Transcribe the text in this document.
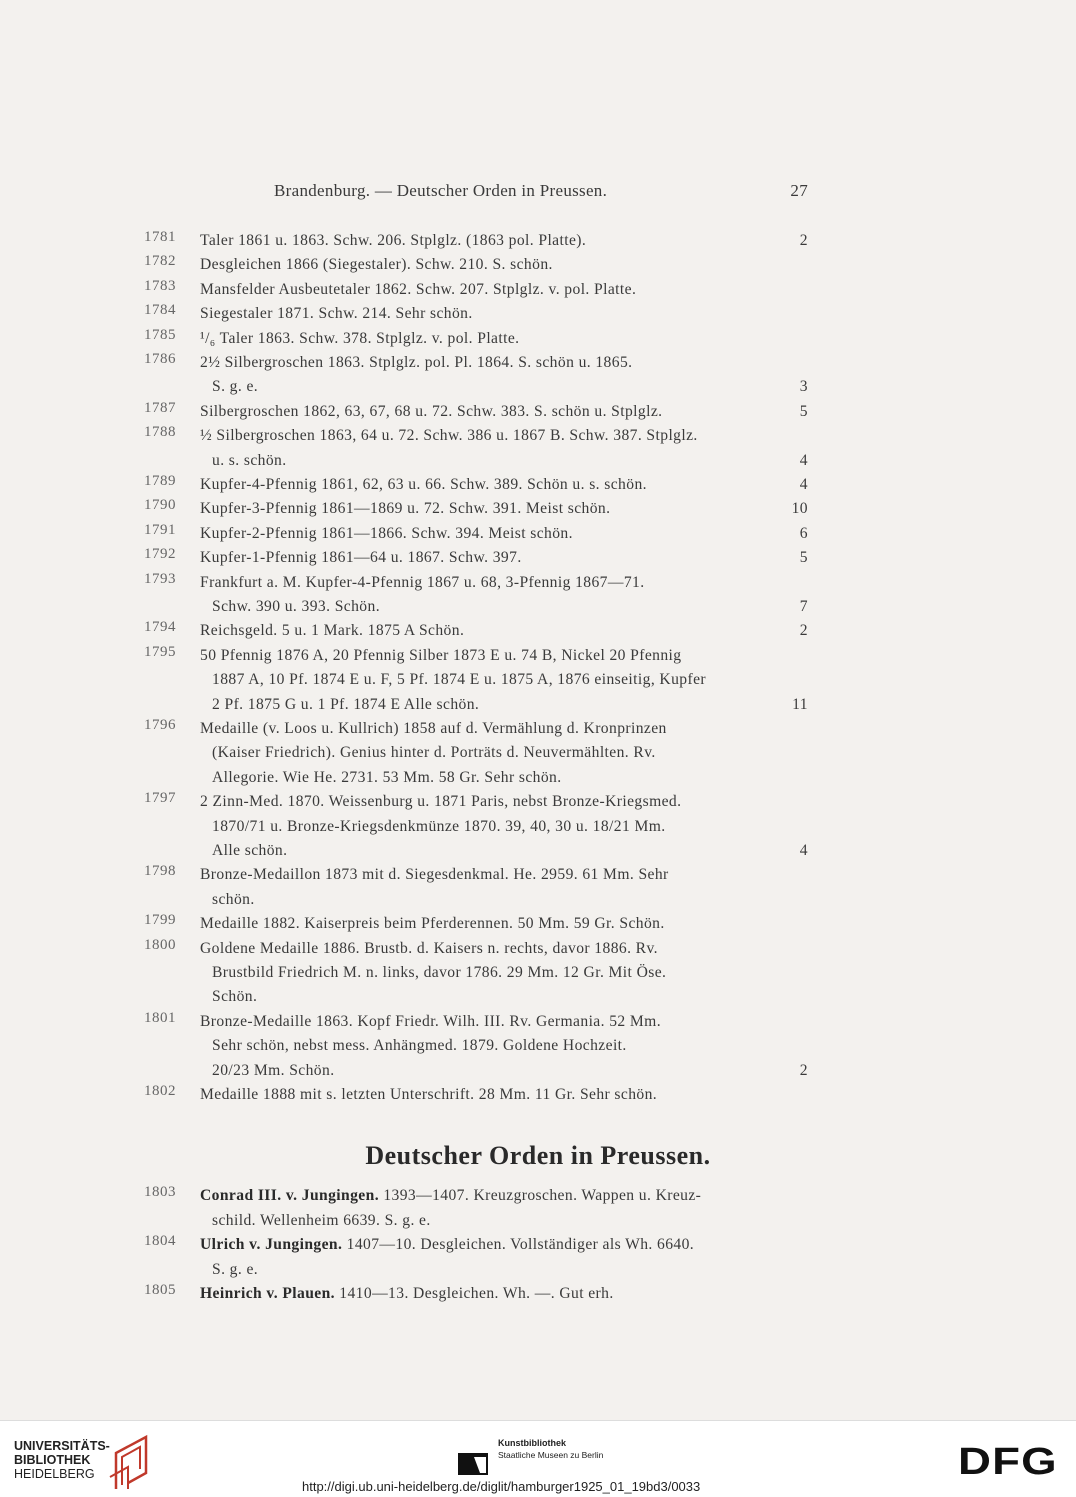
Brandenburg. — Deutscher Orden in Preussen.	27
1781	Taler 1861 u. 1863. Schw. 206. Stplglz. (1863 pol. Platte).	2
1782	Desgleichen 1866 (Siegestaler). Schw. 210. S. schön.
1783	Mansfelder Ausbeutetaler 1862. Schw. 207. Stplglz. v. pol. Platte.
1784	Siegestaler 1871. Schw. 214. Sehr schön.
1785	¹/₆ Taler 1863. Schw. 378. Stplglz. v. pol. Platte.
1786	2½ Silbergroschen 1863. Stplglz. pol. Pl. 1864. S. schön u. 1865.
S. g. e.	3
1787	Silbergroschen 1862, 63, 67, 68 u. 72. Schw. 383. S. schön u. Stplglz.	5
1788	½ Silbergroschen 1863, 64 u. 72. Schw. 386 u. 1867 B. Schw. 387. Stplglz.
u. s. schön.	4
1789	Kupfer-4-Pfennig 1861, 62, 63 u. 66. Schw. 389. Schön u. s. schön.	4
1790	Kupfer-3-Pfennig 1861—1869 u. 72. Schw. 391. Meist schön.	10
1791	Kupfer-2-Pfennig 1861—1866. Schw. 394. Meist schön.	6
1792	Kupfer-1-Pfennig 1861—64 u. 1867. Schw. 397.	5
1793	Frankfurt a. M. Kupfer-4-Pfennig 1867 u. 68, 3-Pfennig 1867—71.
Schw. 390 u. 393. Schön.	7
1794	Reichsgeld. 5 u. 1 Mark. 1875 A Schön.	2
1795	50 Pfennig 1876 A, 20 Pfennig Silber 1873 E u. 74 B, Nickel 20 Pfennig
1887 A, 10 Pf. 1874 E u. F, 5 Pf. 1874 E u. 1875 A, 1876 einseitig, Kupfer
2 Pf. 1875 G u. 1 Pf. 1874 E Alle schön.	11
1796	Medaille (v. Loos u. Kullrich) 1858 auf d. Vermählung d. Kronprinzen
(Kaiser Friedrich). Genius hinter d. Porträts d. Neuvermählten. Rv.
Allegorie. Wie He. 2731. 53 Mm. 58 Gr. Sehr schön.
1797	2 Zinn-Med. 1870. Weissenburg u. 1871 Paris, nebst Bronze-Kriegsmed.
1870/71 u. Bronze-Kriegsdenkmünze 1870. 39, 40, 30 u. 18/21 Mm.
Alle schön.	4
1798	Bronze-Medaillon 1873 mit d. Siegesdenkmal. He. 2959. 61 Mm. Sehr
schön.
1799	Medaille 1882. Kaiserpreis beim Pferderennen. 50 Mm. 59 Gr. Schön.
1800	Goldene Medaille 1886. Brustb. d. Kaisers n. rechts, davor 1886. Rv.
Brustbild Friedrich M. n. links, davor 1786. 29 Mm. 12 Gr. Mit Öse.
Schön.
1801	Bronze-Medaille 1863. Kopf Friedr. Wilh. III. Rv. Germania. 52 Mm.
Sehr schön, nebst mess. Anhängmed. 1879. Goldene Hochzeit.
20/23 Mm. Schön.	2
1802	Medaille 1888 mit s. letzten Unterschrift. 28 Mm. 11 Gr. Sehr schön.
Deutscher Orden in Preussen.
1803	Conrad III. v. Jungingen. 1393—1407. Kreuzgroschen. Wappen u. Kreuz-
schild. Wellenheim 6639. S. g. e.
1804	Ulrich v. Jungingen. 1407—10. Desgleichen. Vollständiger als Wh. 6640.
S. g. e.
1805	Heinrich v. Plauen. 1410—13. Desgleichen. Wh. —. Gut erh.
UNIVERSITÄTS-
BIBLIOTHEK
HEIDELBERG
Kunstbibliothek
Staatliche Museen zu Berlin	DFG
http://digi.ub.uni-heidelberg.de/diglit/hamburger1925_01_19bd3/0033
